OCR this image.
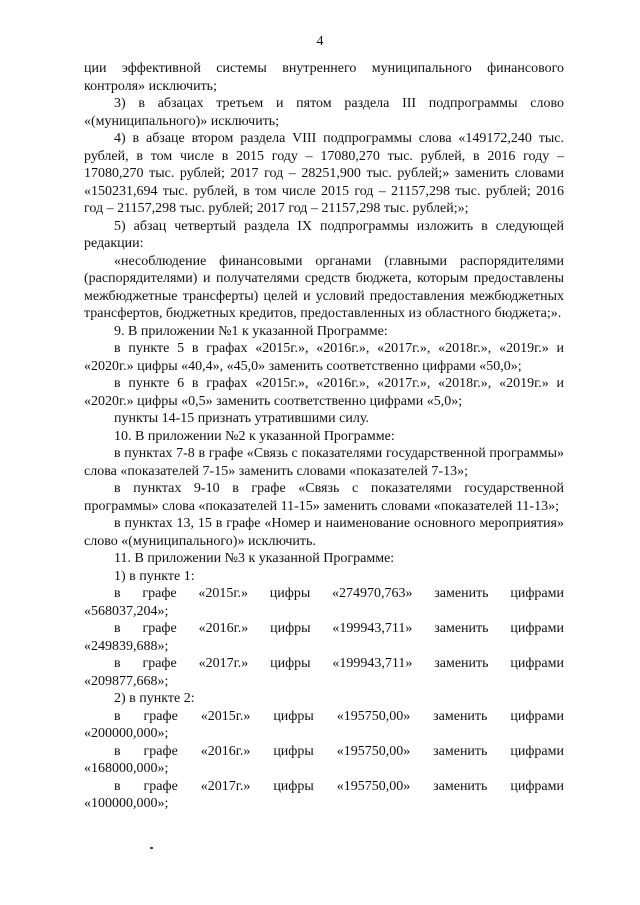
4

ции эффективной системы внутреннего муниципального финансового контроля» исключить;

3) в абзацах третьем и пятом раздела III подпрограммы слово «(муниципального)» исключить;

4) в абзаце втором раздела VIII подпрограммы слова «149172,240 тыс. рублей, в том числе в 2015 году – 17080,270 тыс. рублей, в 2016 году – 17080,270 тыс. рублей; 2017 год – 28251,900 тыс. рублей;» заменить словами «150231,694 тыс. рублей, в том числе 2015 год – 21157,298 тыс. рублей; 2016 год – 21157,298 тыс. рублей; 2017 год – 21157,298 тыс. рублей;»;

5) абзац четвертый раздела IX подпрограммы изложить в следующей редакции:

«несоблюдение финансовыми органами (главными распорядителями (распорядителями) и получателями средств бюджета, которым предоставлены межбюджетные трансферты) целей и условий предоставления межбюджетных трансфертов, бюджетных кредитов, предоставленных из областного бюджета;».

9. В приложении №1 к указанной Программе:

в пункте 5 в графах «2015г.», «2016г.», «2017г.», «2018г.», «2019г.» и «2020г.» цифры «40,4», «45,0» заменить соответственно цифрами «50,0»;

в пункте 6 в графах «2015г.», «2016г.», «2017г.», «2018г.», «2019г.» и «2020г.» цифры «0,5» заменить соответственно цифрами «5,0»;

пункты 14-15 признать утратившими силу.

10. В приложении №2 к указанной Программе:

в пунктах 7-8 в графе «Связь с показателями государственной программы» слова «показателей 7-15» заменить словами «показателей 7-13»;

в пунктах 9-10 в графе «Связь с показателями государственной программы» слова «показателей 11-15» заменить словами «показателей 11-13»;

в пунктах 13, 15 в графе «Номер и наименование основного мероприятия» слово «(муниципального)» исключить.

11. В приложении №3 к указанной Программе:

1) в пункте 1:

в графе «2015г.» цифры «274970,763» заменить цифрами

«568037,204»;

в графе «2016г.» цифры «199943,711» заменить цифрами

«249839,688»;

в графе «2017г.» цифры «199943,711» заменить цифрами

«209877,668»;

2) в пункте 2:

в графе «2015г.» цифры «195750,00» заменить цифрами

«200000,000»;

в графе «2016г.» цифры «195750,00» заменить цифрами

«168000,000»;

в графе «2017г.» цифры «195750,00» заменить цифрами

«100000,000»;
